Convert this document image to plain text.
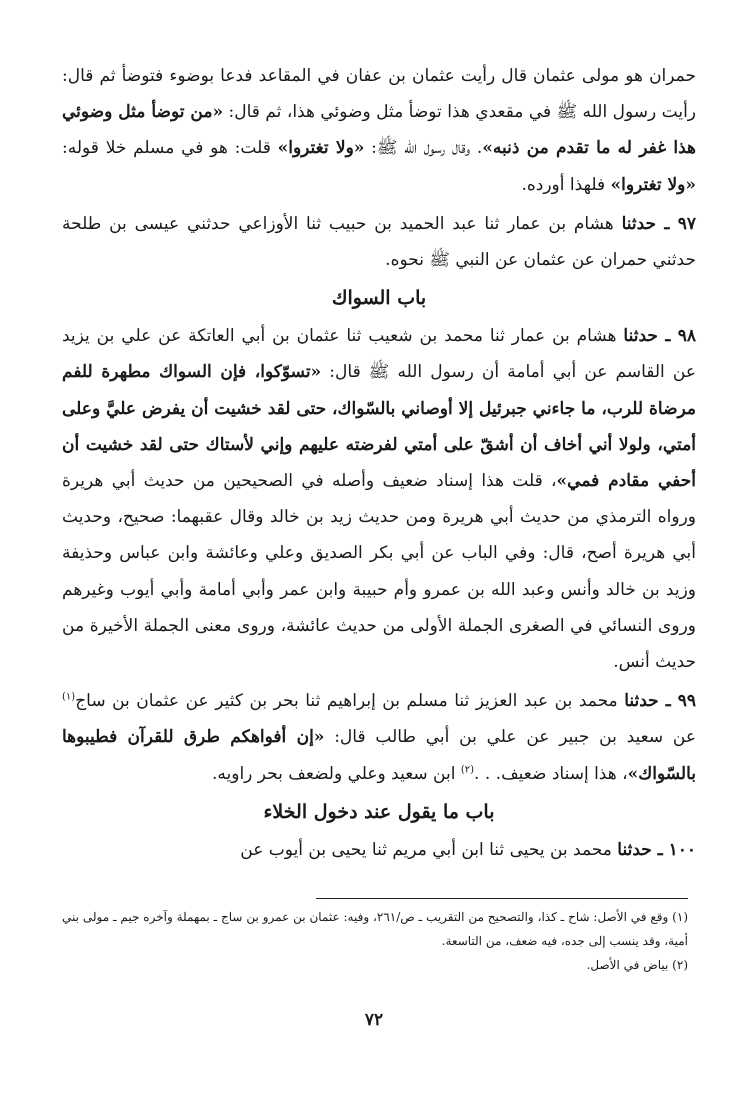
حمران هو مولى عثمان قال رأيت عثمان بن عفان في المقاعد فدعا بوضوء فتوضأ ثم قال: رأيت رسول الله ﷺ في مقعدي هذا توضأ مثل وضوئي هذا، ثم قال: «من توضأ مثل وضوئي هذا غفر له ما تقدم من ذنبه». وقال رسول الله ﷺ: «ولا تغتروا» قلت: هو في مسلم خلا قوله: «ولا تغتروا» فلهذا أورده.

٩٧ ـ حدثنا هشام بن عمار ثنا عبد الحميد بن حبيب ثنا الأوزاعي حدثني عيسى بن طلحة حدثني حمران عن عثمان عن النبي ﷺ نحوه.

باب السواك

٩٨ ـ حدثنا هشام بن عمار ثنا محمد بن شعيب ثنا عثمان بن أبي العاتكة عن علي بن يزيد عن القاسم عن أبي أمامة أن رسول الله ﷺ قال: «تسوّكوا، فإن السواك مطهرة للفم مرضاة للرب، ما جاءني جبرئيل إلا أوصاني بالسّواك، حتى لقد خشيت أن يفرض عليَّ وعلى أمتي، ولولا أني أخاف أن أشقّ على أمتي لفرضته عليهم وإني لأستاك حتى لقد خشيت أن أحفي مقادم فمي»، قلت هذا إسناد ضعيف وأصله في الصحيحين من حديث أبي هريرة ورواه الترمذي من حديث أبي هريرة ومن حديث زيد بن خالد وقال عقبهما: صحيح، وحديث أبي هريرة أصح، قال: وفي الباب عن أبي بكر الصديق وعلي وعائشة وابن عباس وحذيفة وزيد بن خالد وأنس وعبد الله بن عمرو وأم حبيبة وابن عمر وأبي أمامة وأبي أيوب وغيرهم وروى النسائي في الصغرى الجملة الأولى من حديث عائشة، وروى معنى الجملة الأخيرة من حديث أنس.

٩٩ ـ حدثنا محمد بن عبد العزيز ثنا مسلم بن إبراهيم ثنا بحر بن كثير عن عثمان بن ساج$^{(١)}$ عن سعيد بن جبير عن علي بن أبي طالب قال: «إن أفواهكم طرق للقرآن فطيبوها بالسّواك»، هذا إسناد ضعيف. . .$^{(٢)}$ ابن سعيد وعلي ولضعف بحر راويه.

باب ما يقول عند دخول الخلاء

١٠٠ ـ حدثنا محمد بن يحيى ثنا ابن أبي مريم ثنا يحيى بن أيوب عن

(١) وقع في الأصل: شاح ـ كذا، والتصحيح من التقريب ـ ص/٢٦١، وفيه: عثمان بن عمرو بن ساج ـ بمهملة وآخره جيم ـ مولى بني أمية، وقد ينسب إلى جده، فيه ضعف، من التاسعة.

(٢) بياض في الأصل.

٧٢
